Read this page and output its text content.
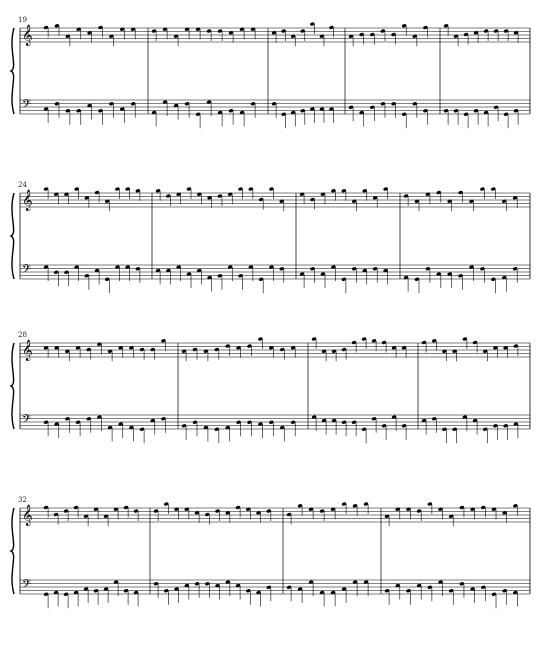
19
𝄞
𝄢
24
𝄞
𝄢
28
𝄞
𝄢
32
𝄞
𝄢
